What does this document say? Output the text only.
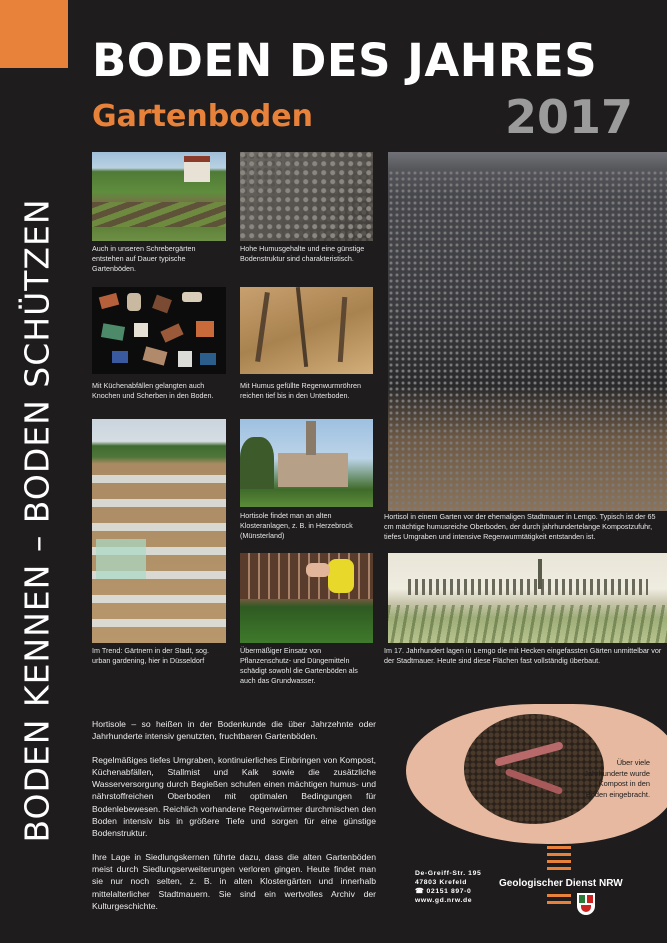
BODEN KENNEN – BODEN SCHÜTZEN
BODEN DES JAHRES
Gartenboden	2017
Auch in unseren Schrebergärten entstehen auf Dauer typische Gartenböden.
Hohe Humusgehalte und eine günstige Bodenstruktur sind charakteristisch.
Mit Küchenabfällen gelangten auch Knochen und Scherben in den Boden.
Mit Humus gefüllte Regenwurmröhren reichen tief bis in den Unterboden.
Im Trend: Gärtnern in der Stadt, sog. urban gardening, hier in Düsseldorf
Hortisole findet man an alten Klosteranlagen, z. B. in Herzebrock (Münsterland)
Übermäßiger Einsatz von Pflanzenschutz- und Düngemitteln schädigt sowohl die Gartenböden als auch das Grundwasser.
Hortisol in einem Garten vor der ehemaligen Stadtmauer in Lemgo. Typisch ist der 65 cm mächtige humusreiche Oberboden, der durch jahrhundertelange Kompostzufuhr, tiefes Umgraben und intensive Regenwurmtätigkeit entstanden ist.
Im 17. Jahrhundert lagen in Lemgo die mit Hecken eingefassten Gärten unmittelbar vor der Stadtmauer. Heute sind diese Flächen fast vollständig überbaut.

Hortisole – so heißen in der Bodenkunde die über Jahrzehnte oder Jahrhunderte intensiv genutzten, fruchtbaren Gartenböden.

Regelmäßiges tiefes Umgraben, kontinuierliches Einbringen von Kompost, Küchenabfällen, Stallmist und Kalk sowie die zusätzliche Wasserversorgung durch Begießen schufen einen mächtigen humus- und nährstoffreichen Oberboden mit optimalen Bedingungen für Bodenlebewesen. Reichlich vorhandene Regenwürmer durchmischen den Boden intensiv bis in größere Tiefe und sorgen für eine günstige Bodenstruktur.

Ihre Lage in Siedlungskernen führte dazu, dass die alten Gartenböden meist durch Siedlungserweiterungen verloren gingen. Heute findet man sie nur noch selten, z. B. in alten Klostergärten und innerhalb mittelalterlicher Stadtmauern. Sie sind ein wertvolles Archiv der Kulturgeschichte.

Über viele Jahrhunderte wurde Kompost in den Boden eingebracht.
De-Greiff-Str. 195
47803 Krefeld
☎ 02151 897-0
www.gd.nrw.de
Geologischer Dienst NRW
